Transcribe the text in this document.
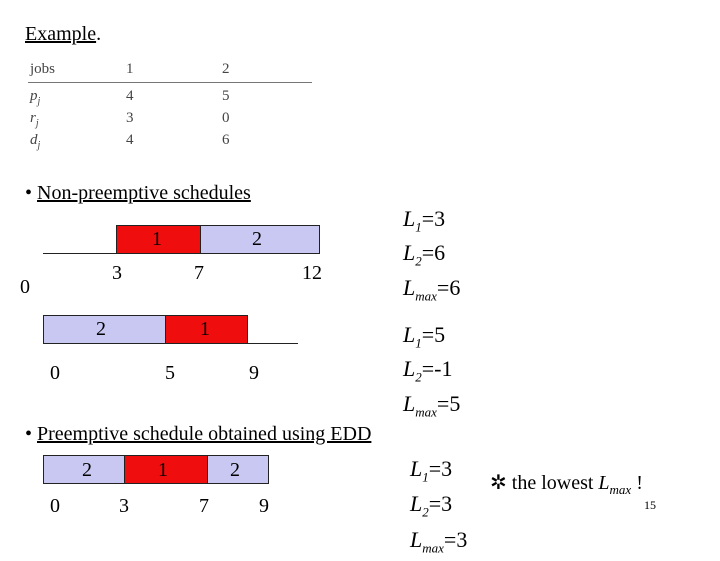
Example.
jobs	1	2
$p_j$	4	5
$r_j$	3	0
$d_j$	4	6
• Non-preemptive schedules
1	2
0
3	7	12
$L_1=3$
$L_2=6$
$L_{max}=6$
2	1
0	5	9
$L_1=5$
$L_2=-1$
$L_{max}=5$
• Preemptive schedule obtained using EDD
2	1	2
0	3	7	9
$L_1=3$
$L_2=3$
$L_{max}=3$
✲ the lowest $L_{max}$ !
15
